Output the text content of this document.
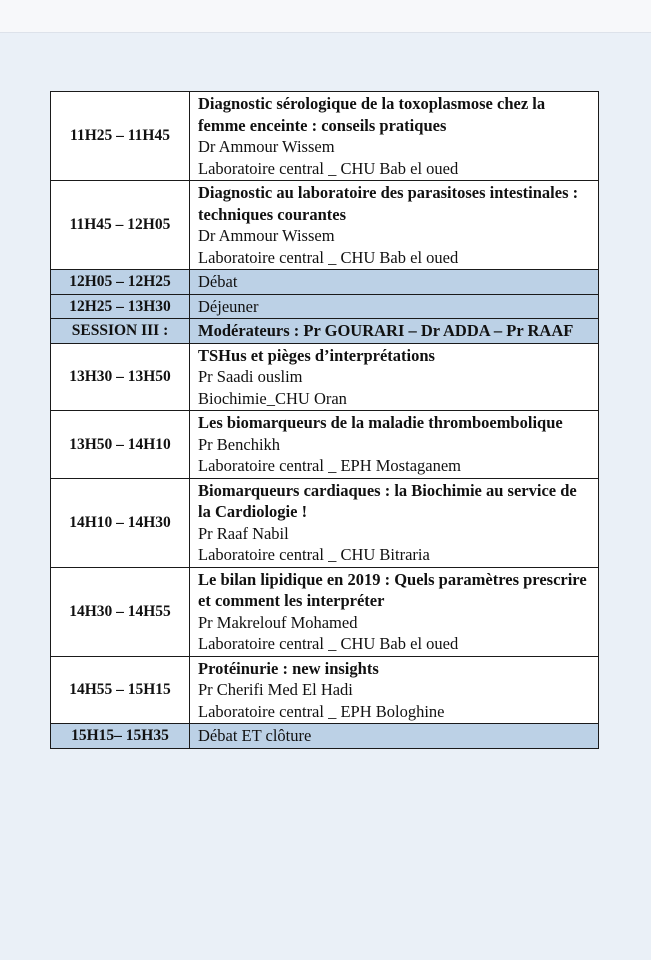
11H25 – 11H45	Diagnostic sérologique de la toxoplasmose chez la femme enceinte : conseils pratiques
Dr Ammour Wissem
Laboratoire central _ CHU Bab el oued

11H45 – 12H05	Diagnostic au laboratoire des parasitoses intestinales : techniques courantes
Dr Ammour Wissem
Laboratoire central _ CHU Bab el oued

12H05 – 12H25	Débat

12H25 – 13H30	Déjeuner

SESSION III :	Modérateurs : Pr GOURARI – Dr ADDA – Pr RAAF

13H30 – 13H50	TSHus et pièges d’interprétations
Pr Saadi ouslim
Biochimie_CHU Oran

13H50 – 14H10	Les biomarqueurs de la maladie thromboembolique
Pr Benchikh
Laboratoire central _ EPH Mostaganem

14H10 – 14H30	Biomarqueurs cardiaques : la Biochimie au service de la Cardiologie !
Pr Raaf Nabil
Laboratoire central _ CHU Bitraria

14H30 – 14H55	Le bilan lipidique en 2019 : Quels paramètres prescrire et comment les interpréter
Pr Makrelouf Mohamed
Laboratoire central _ CHU Bab el oued

14H55 – 15H15	Protéinurie : new insights
Pr Cherifi Med El Hadi
Laboratoire central _ EPH Bologhine

15H15– 15H35	Débat ET clôture
